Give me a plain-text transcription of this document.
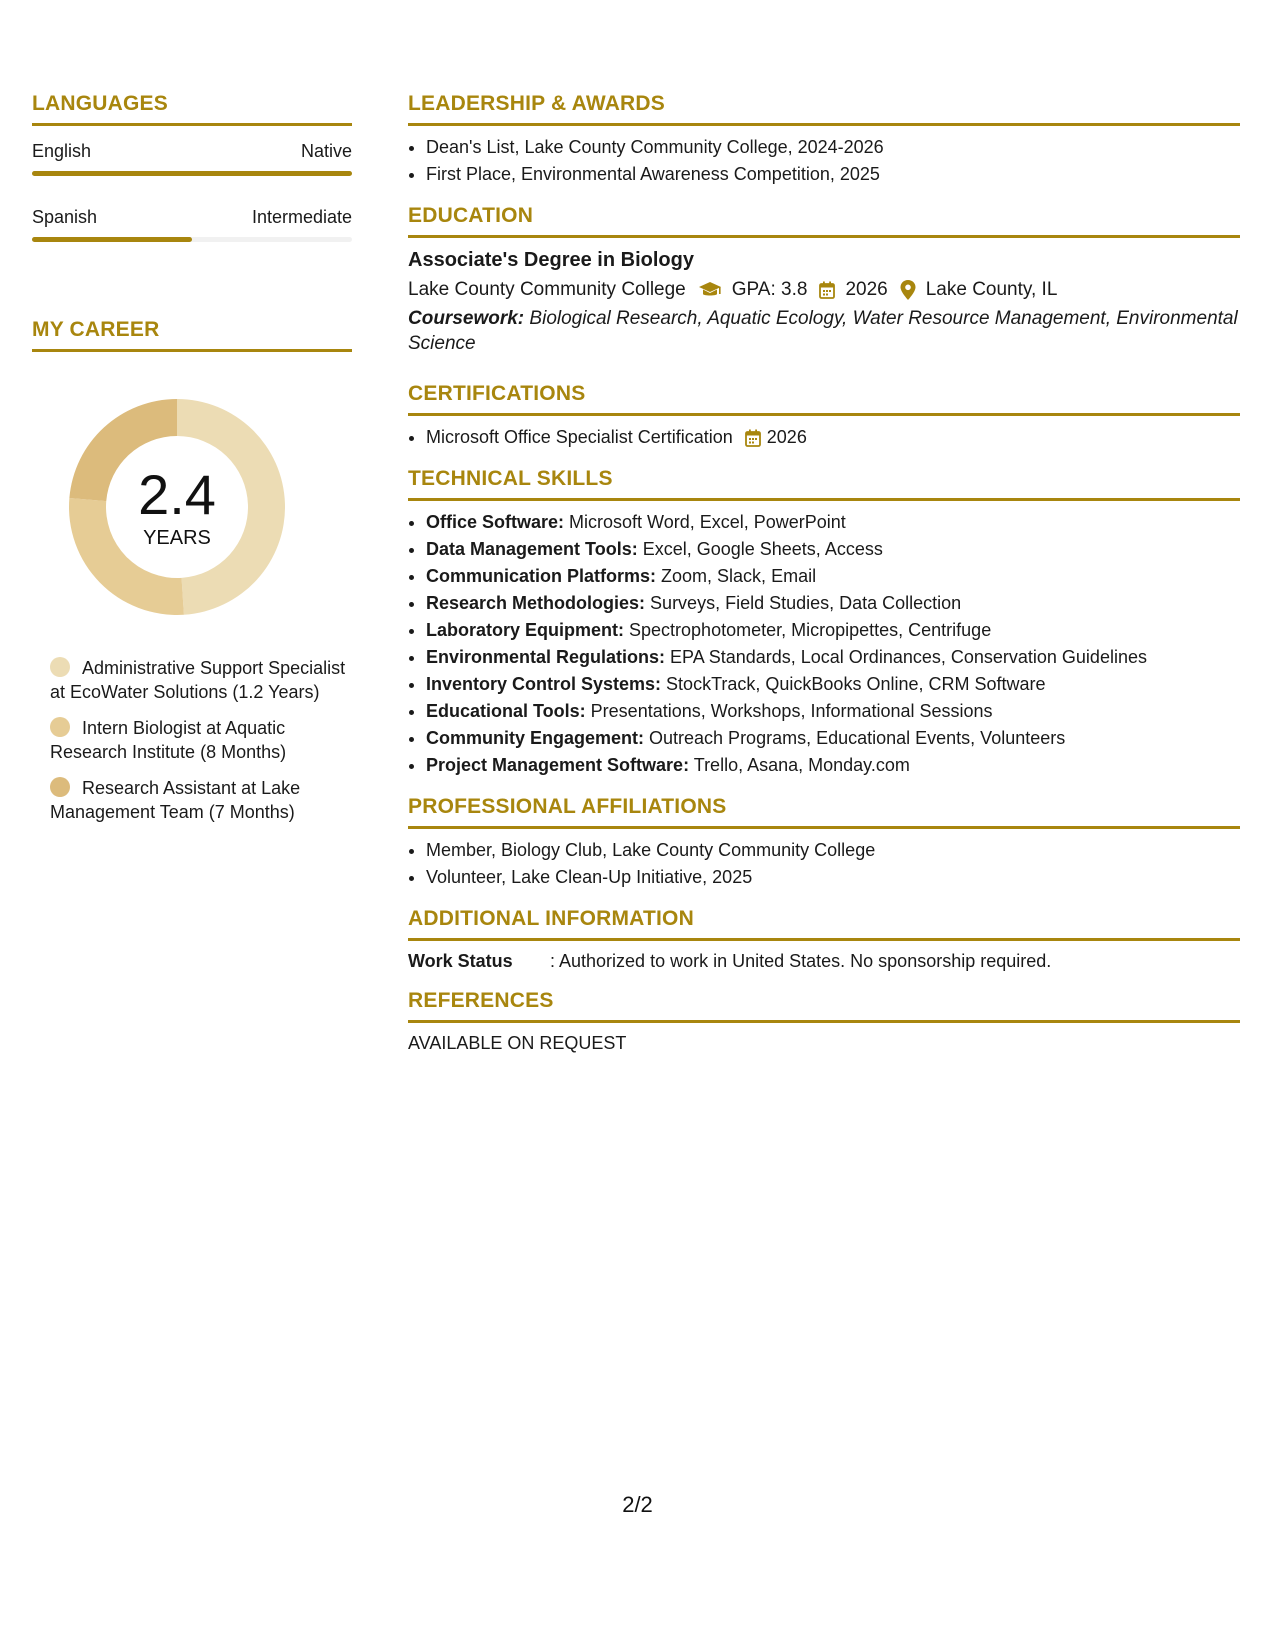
LANGUAGES
English	Native
Spanish	Intermediate
MY CAREER
2.4
YEARS
Administrative Support Specialist at EcoWater Solutions (1.2 Years)
Intern Biologist at Aquatic Research Institute (8 Months)
Research Assistant at Lake Management Team (7 Months)
LEADERSHIP & AWARDS
• Dean's List, Lake County Community College, 2024-2026
• First Place, Environmental Awareness Competition, 2025
EDUCATION
Associate's Degree in Biology
Lake County Community College GPA: 3.8 2026 Lake County, IL
Coursework: Biological Research, Aquatic Ecology, Water Resource Management, Environmental Science
CERTIFICATIONS
• Microsoft Office Specialist Certification 2026
TECHNICAL SKILLS
• Office Software: Microsoft Word, Excel, PowerPoint
• Data Management Tools: Excel, Google Sheets, Access
• Communication Platforms: Zoom, Slack, Email
• Research Methodologies: Surveys, Field Studies, Data Collection
• Laboratory Equipment: Spectrophotometer, Micropipettes, Centrifuge
• Environmental Regulations: EPA Standards, Local Ordinances, Conservation Guidelines
• Inventory Control Systems: StockTrack, QuickBooks Online, CRM Software
• Educational Tools: Presentations, Workshops, Informational Sessions
• Community Engagement: Outreach Programs, Educational Events, Volunteers
• Project Management Software: Trello, Asana, Monday.com
PROFESSIONAL AFFILIATIONS
• Member, Biology Club, Lake County Community College
• Volunteer, Lake Clean-Up Initiative, 2025
ADDITIONAL INFORMATION
Work Status	: Authorized to work in United States. No sponsorship required.
REFERENCES
AVAILABLE ON REQUEST
2/2
